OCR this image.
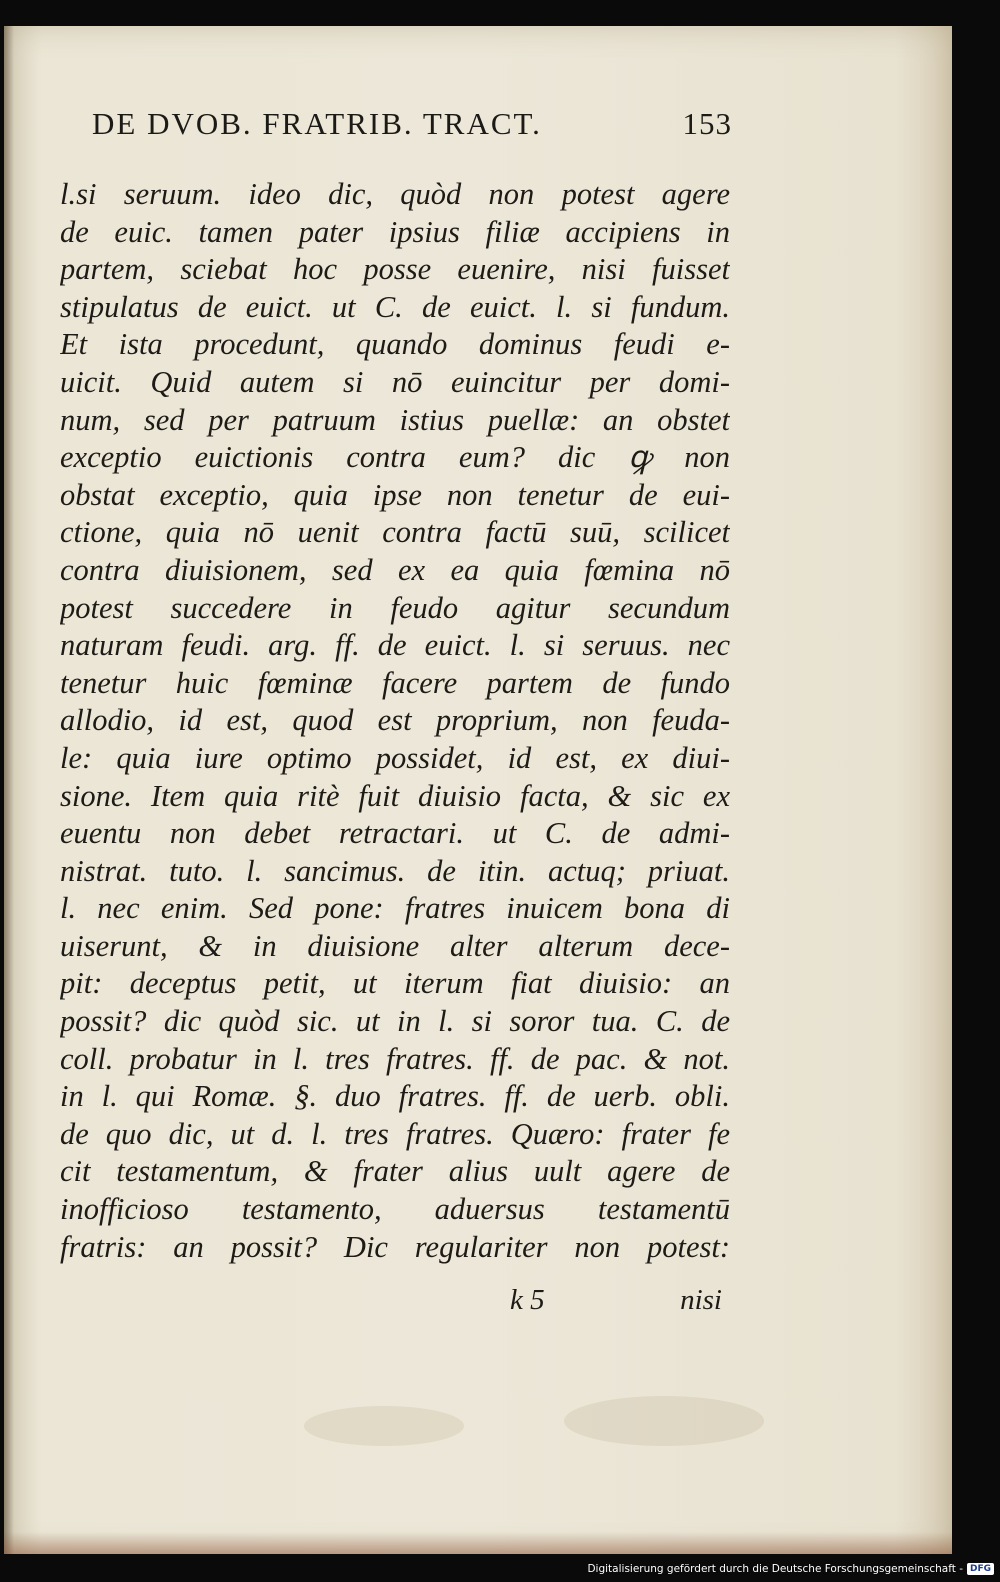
DE DVOB. FRATRIB. TRACT.	153
l.si seruum. ideo dic, quòd non potest agere
de euic. tamen pater ipsius filiæ accipiens in
partem, sciebat hoc posse euenire, nisi fuisset
stipulatus de euict. ut C. de euict. l. si fundum.
Et ista procedunt, quando dominus feudi e-
uicit. Quid autem si nō euincitur per domi-
num, sed per patruum istius puellæ: an obstet
exceptio euictionis contra eum? dic ꝙ non
obstat exceptio, quia ipse non tenetur de eui-
ctione, quia nō uenit contra factū suū, scilicet
contra diuisionem, sed ex ea quia fœmina nō
potest succedere in feudo agitur secundum
naturam feudi. arg. ff. de euict. l. si seruus. nec
tenetur huic fœminæ facere partem de fundo
allodio, id est, quod est proprium, non feuda-
le: quia iure optimo possidet, id est, ex diui-
sione. Item quia ritè fuit diuisio facta, & sic ex
euentu non debet retractari. ut C. de admi-
nistrat. tuto. l. sancimus. de itin. actuq; priuat.
l. nec enim. Sed pone: fratres inuicem bona di
uiserunt, & in diuisione alter alterum dece-
pit: deceptus petit, ut iterum fiat diuisio: an
possit? dic quòd sic. ut in l. si soror tua. C. de
coll. probatur in l. tres fratres. ff. de pac. & not.
in l. qui Romæ. §. duo fratres. ff. de uerb. obli.
de quo dic, ut d. l. tres fratres. Quæro: frater fe
cit testamentum, & frater alius uult agere de
inofficioso testamento, aduersus testamentū
fratris: an possit? Dic regulariter non potest:
k 5	nisi
Digitalisierung gefördert durch die Deutsche Forschungsgemeinschaft - DFG
